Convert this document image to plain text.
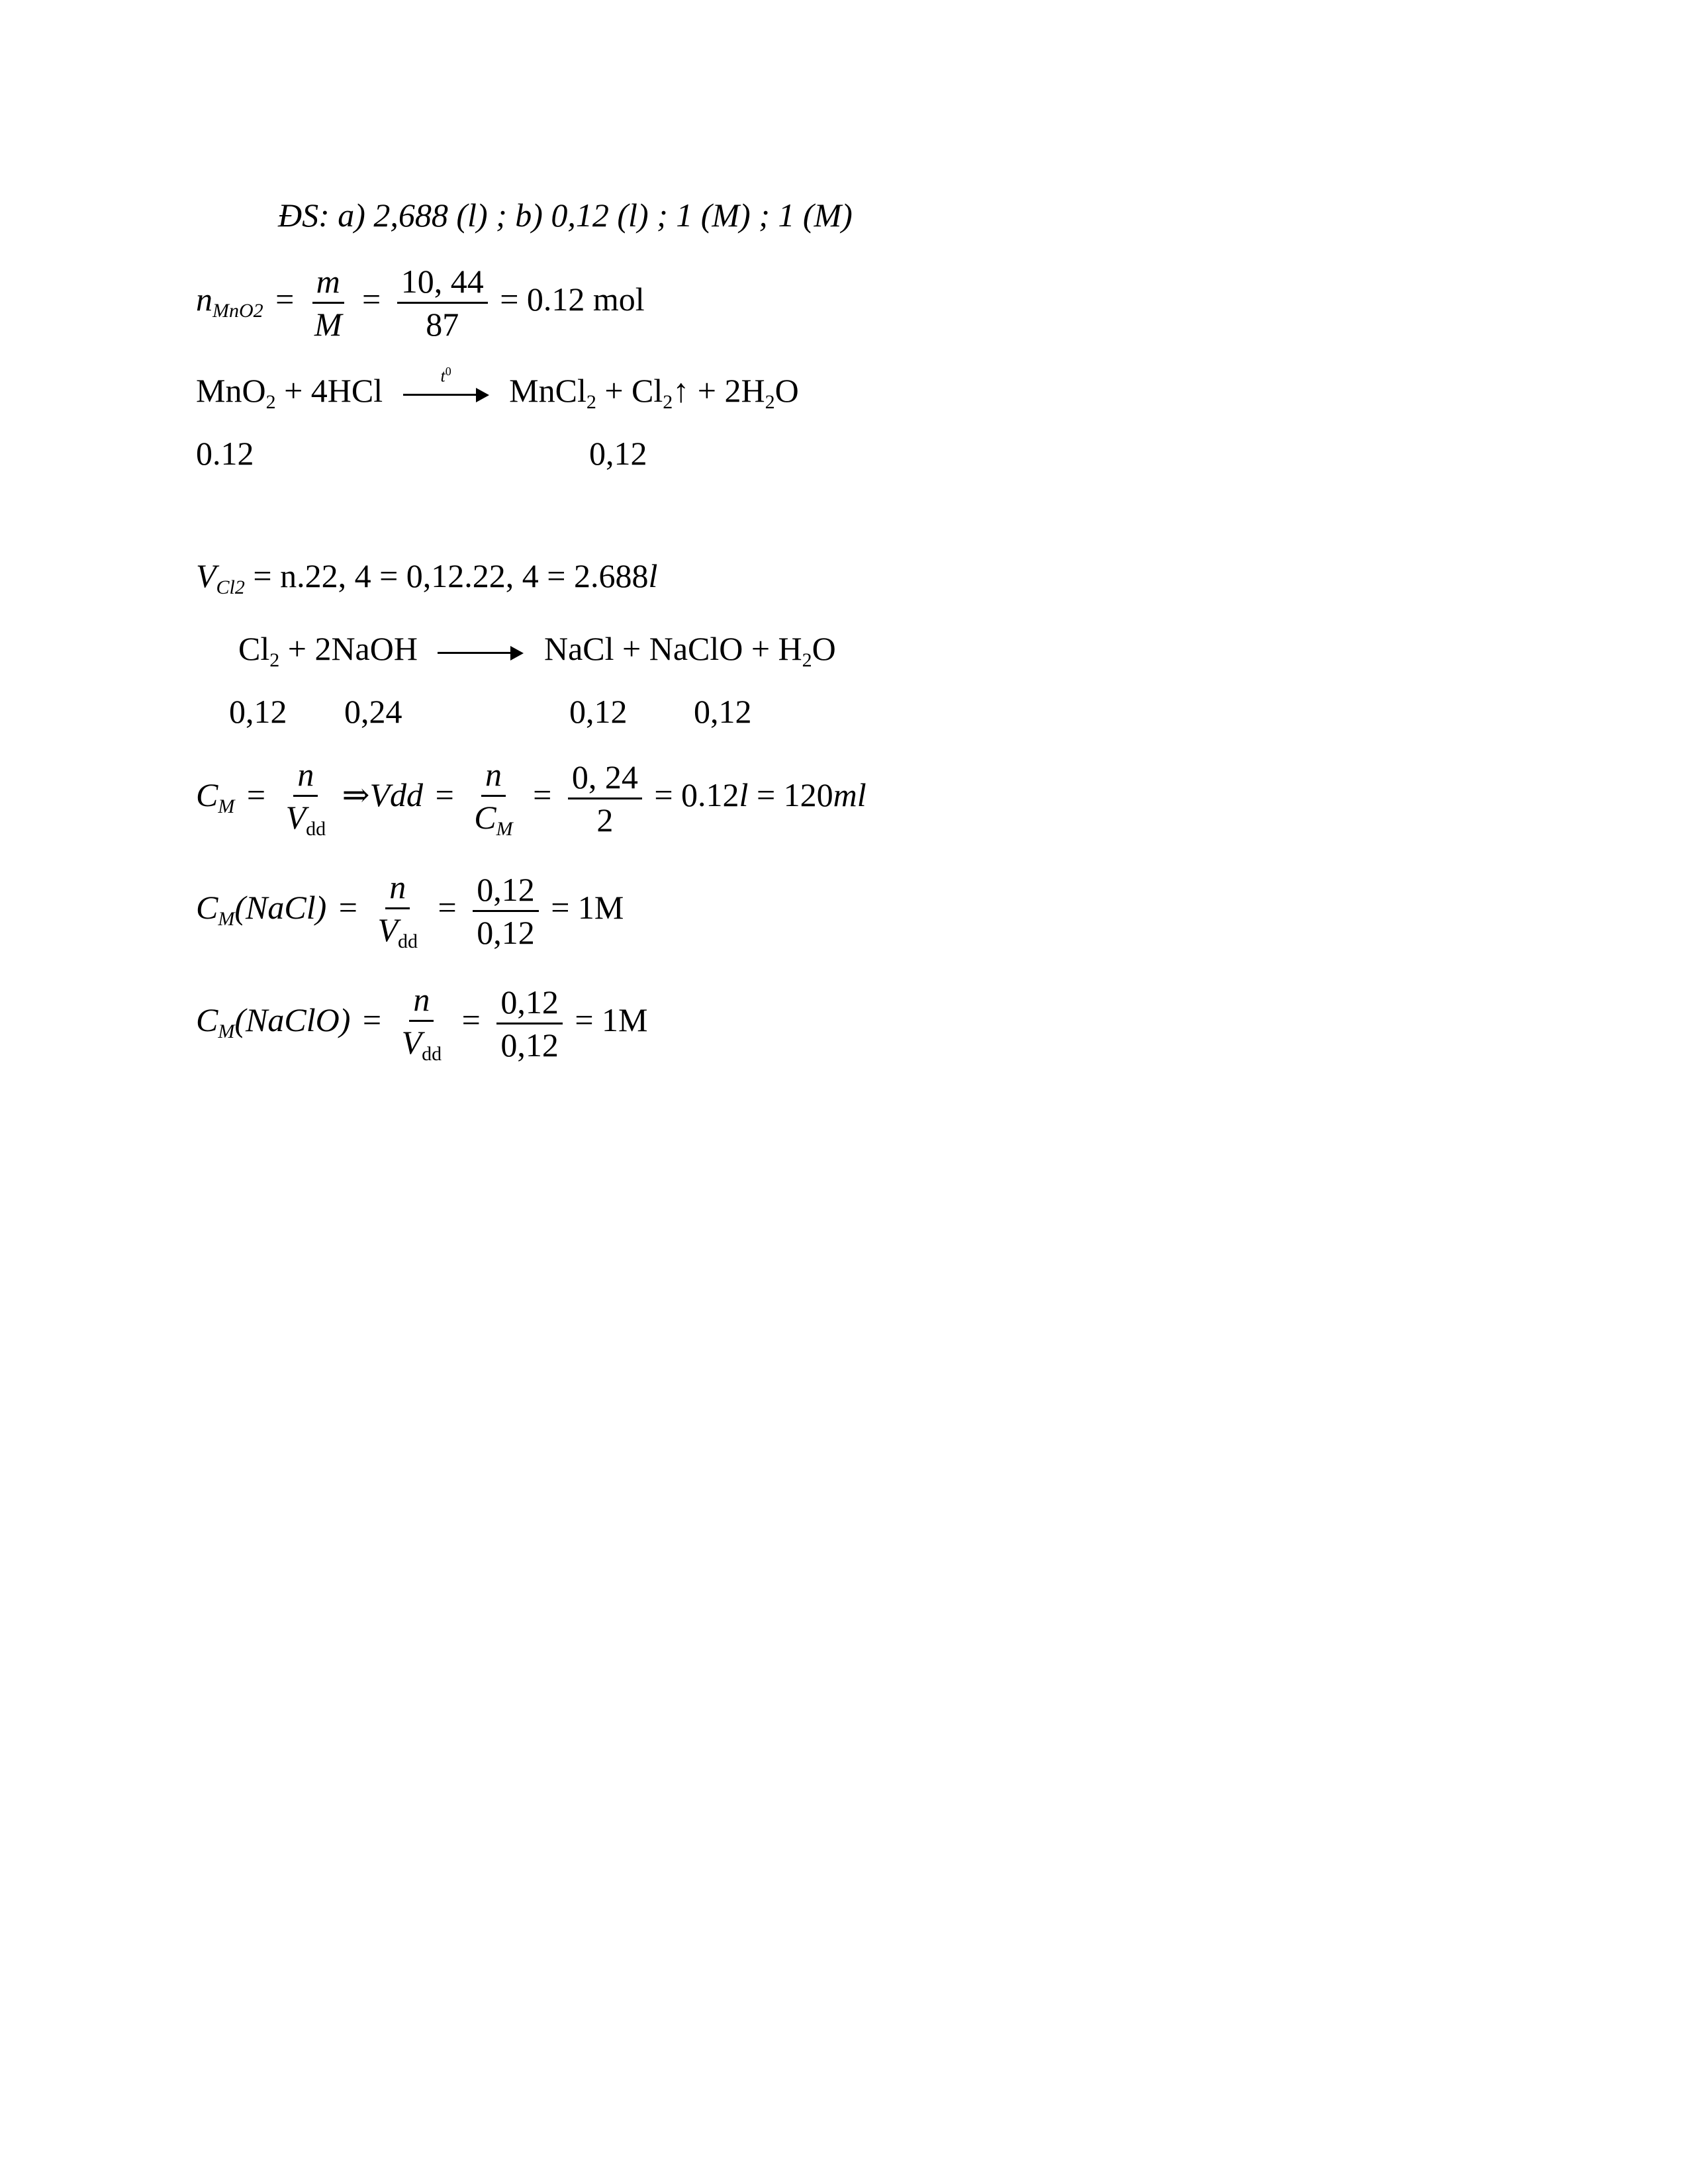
ĐS: a) 2,688 (l) ; b) 0,12 (l) ; 1 (M) ; 1 (M)
$n_{MnO2} = \frac{m}{M} = \frac{10, 44}{87} = 0.12$ mol
MnO$_2$ + 4HCl	$t^0$
MnCl$_2$ + $Cl_2↑ + 2H_2O$
0.12	0,12
$V_{Cl2} = n.22$, 4 = 0,12.22, 4 = 2.688l
$Cl_2$ + 2NaOH	NaCl + NaClO + $H_2O$
0,12 0,24	0,12 0,12
$C_M = \frac{n}{V_{dd}}$ ⇒Vdd = $\frac{n}{C_M} = \frac{0, 24}{2} = 0.12l = 120ml$
$C_M(NaCl) = \frac{n}{V_{dd}} = \frac{0,12}{0,12} = 1M$
$C_M(NaClO) = \frac{n}{V_{dd}} = \frac{0,12}{0,12} = 1M$
